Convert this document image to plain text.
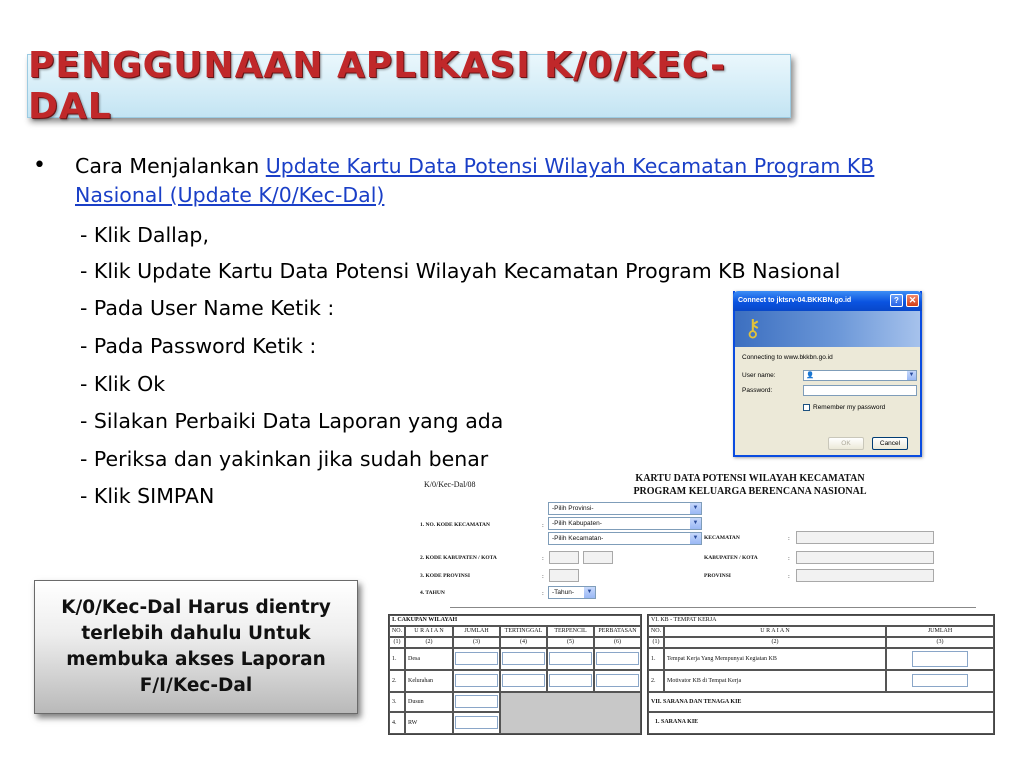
PENGGUNAAN APLIKASI K/0/KEC-DAL
• Cara Menjalankan Update Kartu Data Potensi Wilayah Kecamatan Program KB
Nasional (Update K/0/Kec-Dal)
- Klik Dallap,
- Klik Update Kartu Data Potensi Wilayah Kecamatan Program KB Nasional
- Pada User Name Ketik :
- Pada Password Ketik :
- Klik Ok
- Silakan Perbaiki Data Laporan yang ada
- Periksa dan yakinkan jika sudah benar
- Klik SIMPAN
K/0/Kec-Dal Harus dientry
terlebih dahulu Untuk
membuka akses Laporan
F/I/Kec-Dal
Connect to jktsrv-04.BKKBN.go.id	?	✕
⚷
Connecting to www.bkkbn.go.id
User name:	👤	▼
Password:
Remember my password
OK	Cancel
K/0/Kec-Dal/08
KARTU DATA POTENSI WILAYAH KECAMATAN
PROGRAM KELUARGA BERENCANA NASIONAL
-Pilih Provinsi-	▼
-Pilih Kabupaten-	▼
-Pilih Kecamatan-	▼
1. NO. KODE KECAMATAN	:
KECAMATAN	:
2. KODE KABUPATEN / KOTA	:	KABUPATEN / KOTA	:
3. KODE PROVINSI	:	PROVINSI	:
4. TAHUN	:	-Tahun-	▼
I. CAKUPAN WILAYAH
NO.	U R A I A N	JUMLAH	TERTINGGAL	TERPENCIL	PERBATASAN
(1)	(2)	(3)	(4)	(5)	(6)
1.	Desa
2.	Kelurahan
3.	Dusun
4.	RW
VI. KB - TEMPAT KERJA
NO.	U R A I A N	JUMLAH
(1)	(2)	(3)
1.	Tempat Kerja Yang Mempunyai Kegiatan KB
2.	Motivator KB di Tempat Kerja
VII. SARANA DAN TENAGA KIE
1. SARANA KIE
